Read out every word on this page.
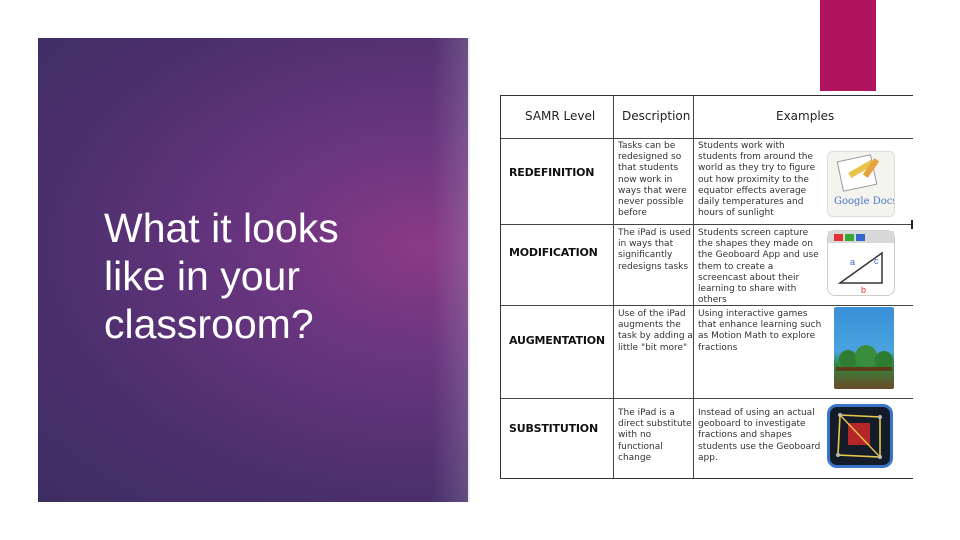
What it looks
like in your
classroom?
SAMR Level Description	Examples
REDEFINITION
Tasks can be redesigned so that students now work in ways that were never possible before
Students work with students from around the world as they try to figure out how proximity to the equator effects average daily temperatures and hours of sunlight
Google Docs
MODIFICATION
The iPad is used in ways that significantly redesigns tasks
Students screen capture the shapes they made on the Geoboard App and use them to create a screencast about their learning to share with others
a c
b
AUGMENTATION
Use of the iPad augments the task by adding a little "bit more"
Using interactive games that enhance learning such as Motion Math to explore fractions
SUBSTITUTION
The iPad is a direct substitute with no functional change
Instead of using an actual geoboard to investigate fractions and shapes students use the Geoboard app.
